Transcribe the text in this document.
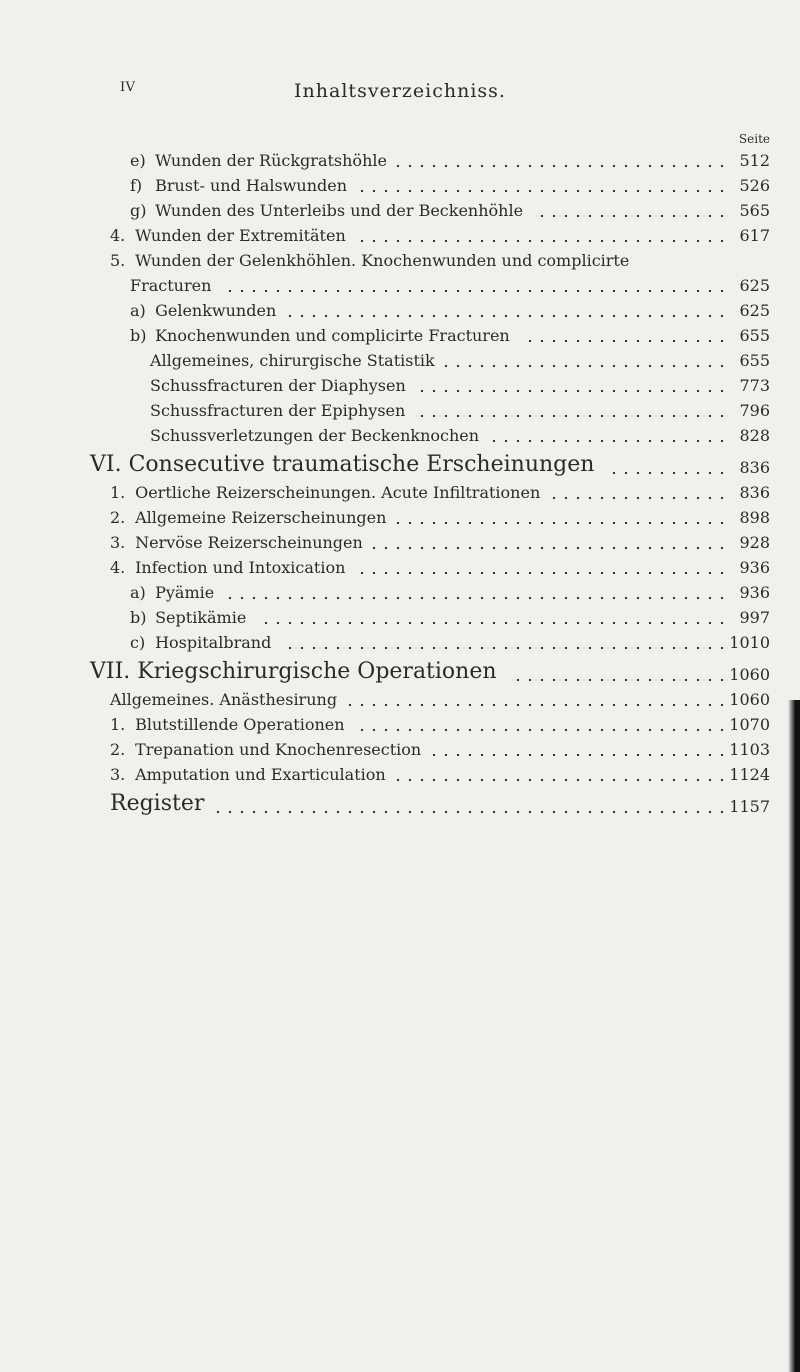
IV	Inhaltsverzeichniss.
Seite
e) Wunden der Rückgratshöhle	512
f) Brust- und Halswunden	526
g) Wunden des Unterleibs und der Beckenhöhle	565
4. Wunden der Extremitäten	617
5. Wunden der Gelenkhöhlen. Knochenwunden und complicirte
Fracturen	625
a) Gelenkwunden	625
b) Knochenwunden und complicirte Fracturen	655
Allgemeines, chirurgische Statistik	655
Schussfracturen der Diaphysen	773
Schussfracturen der Epiphysen	796
Schussverletzungen der Beckenknochen	828
VI. Consecutive traumatische Erscheinungen	836
1. Oertliche Reizerscheinungen. Acute Infiltrationen	836
2. Allgemeine Reizerscheinungen	898
3. Nervöse Reizerscheinungen	928
4. Infection und Intoxication	936
a) Pyämie	936
b) Septikämie	997
c) Hospitalbrand	1010
VII. Kriegschirurgische Operationen	1060
Allgemeines. Anästhesirung	1060
1. Blutstillende Operationen	1070
2. Trepanation und Knochenresection	1103
3. Amputation und Exarticulation	1124
Register	1157
